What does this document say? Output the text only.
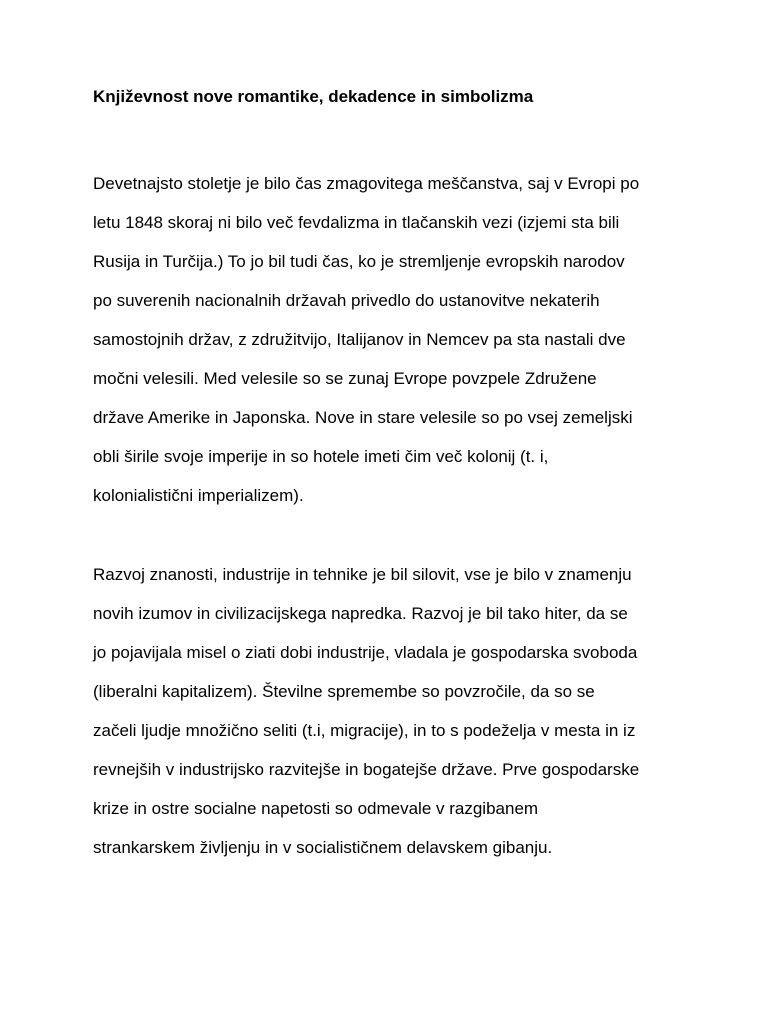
Književnost nove romantike, dekadence in simbolizma

Devetnajsto stoletje je bilo čas zmagovitega meščanstva, saj v Evropi po
letu 1848 skoraj ni bilo več fevdalizma in tlačanskih vezi (izjemi sta bili
Rusija in Turčija.) To jo bil tudi čas, ko je stremljenje evropskih narodov
po suverenih nacionalnih državah privedlo do ustanovitve nekaterih
samostojnih držav, z združitvijo, Italijanov in Nemcev pa sta nastali dve
močni velesili. Med velesile so se zunaj Evrope povzpele Združene
države Amerike in Japonska. Nove in stare velesile so po vsej zemeljski
obli širile svoje imperije in so hotele imeti čim več kolonij (t. i,
kolonialistični imperializem).

Razvoj znanosti, industrije in tehnike je bil silovit, vse je bilo v znamenju
novih izumov in civilizacijskega napredka. Razvoj je bil tako hiter, da se
jo pojavijala misel o ziati dobi industrije, vladala je gospodarska svoboda
(liberalni kapitalizem). Številne spremembe so povzročile, da so se
začeli ljudje množično seliti (t.i, migracije), in to s podeželja v mesta in iz
revnejših v industrijsko razvitejše in bogatejše države. Prve gospodarske
krize in ostre socialne napetosti so odmevale v razgibanem
strankarskem življenju in v socialističnem delavskem gibanju.
